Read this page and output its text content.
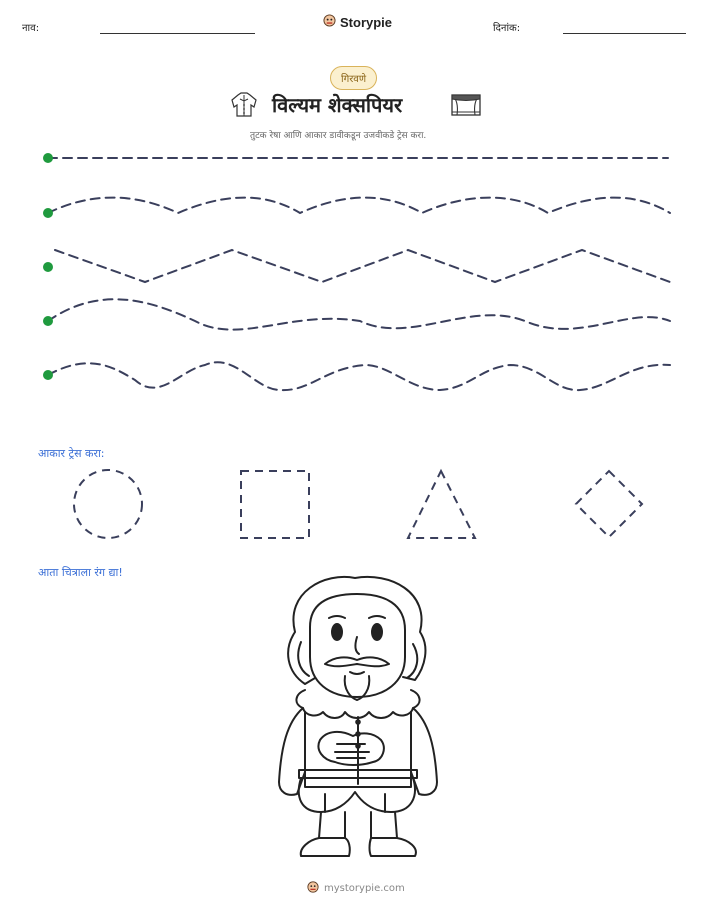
नाव:	Storypie	दिनांक:
गिरवणे
विल्यम शेक्सपियर
तुटक रेषा आणि आकार डावीकडून उजवीकडे ट्रेस करा.
आकार ट्रेस करा:
आता चित्राला रंग द्या!
mystorypie.com
